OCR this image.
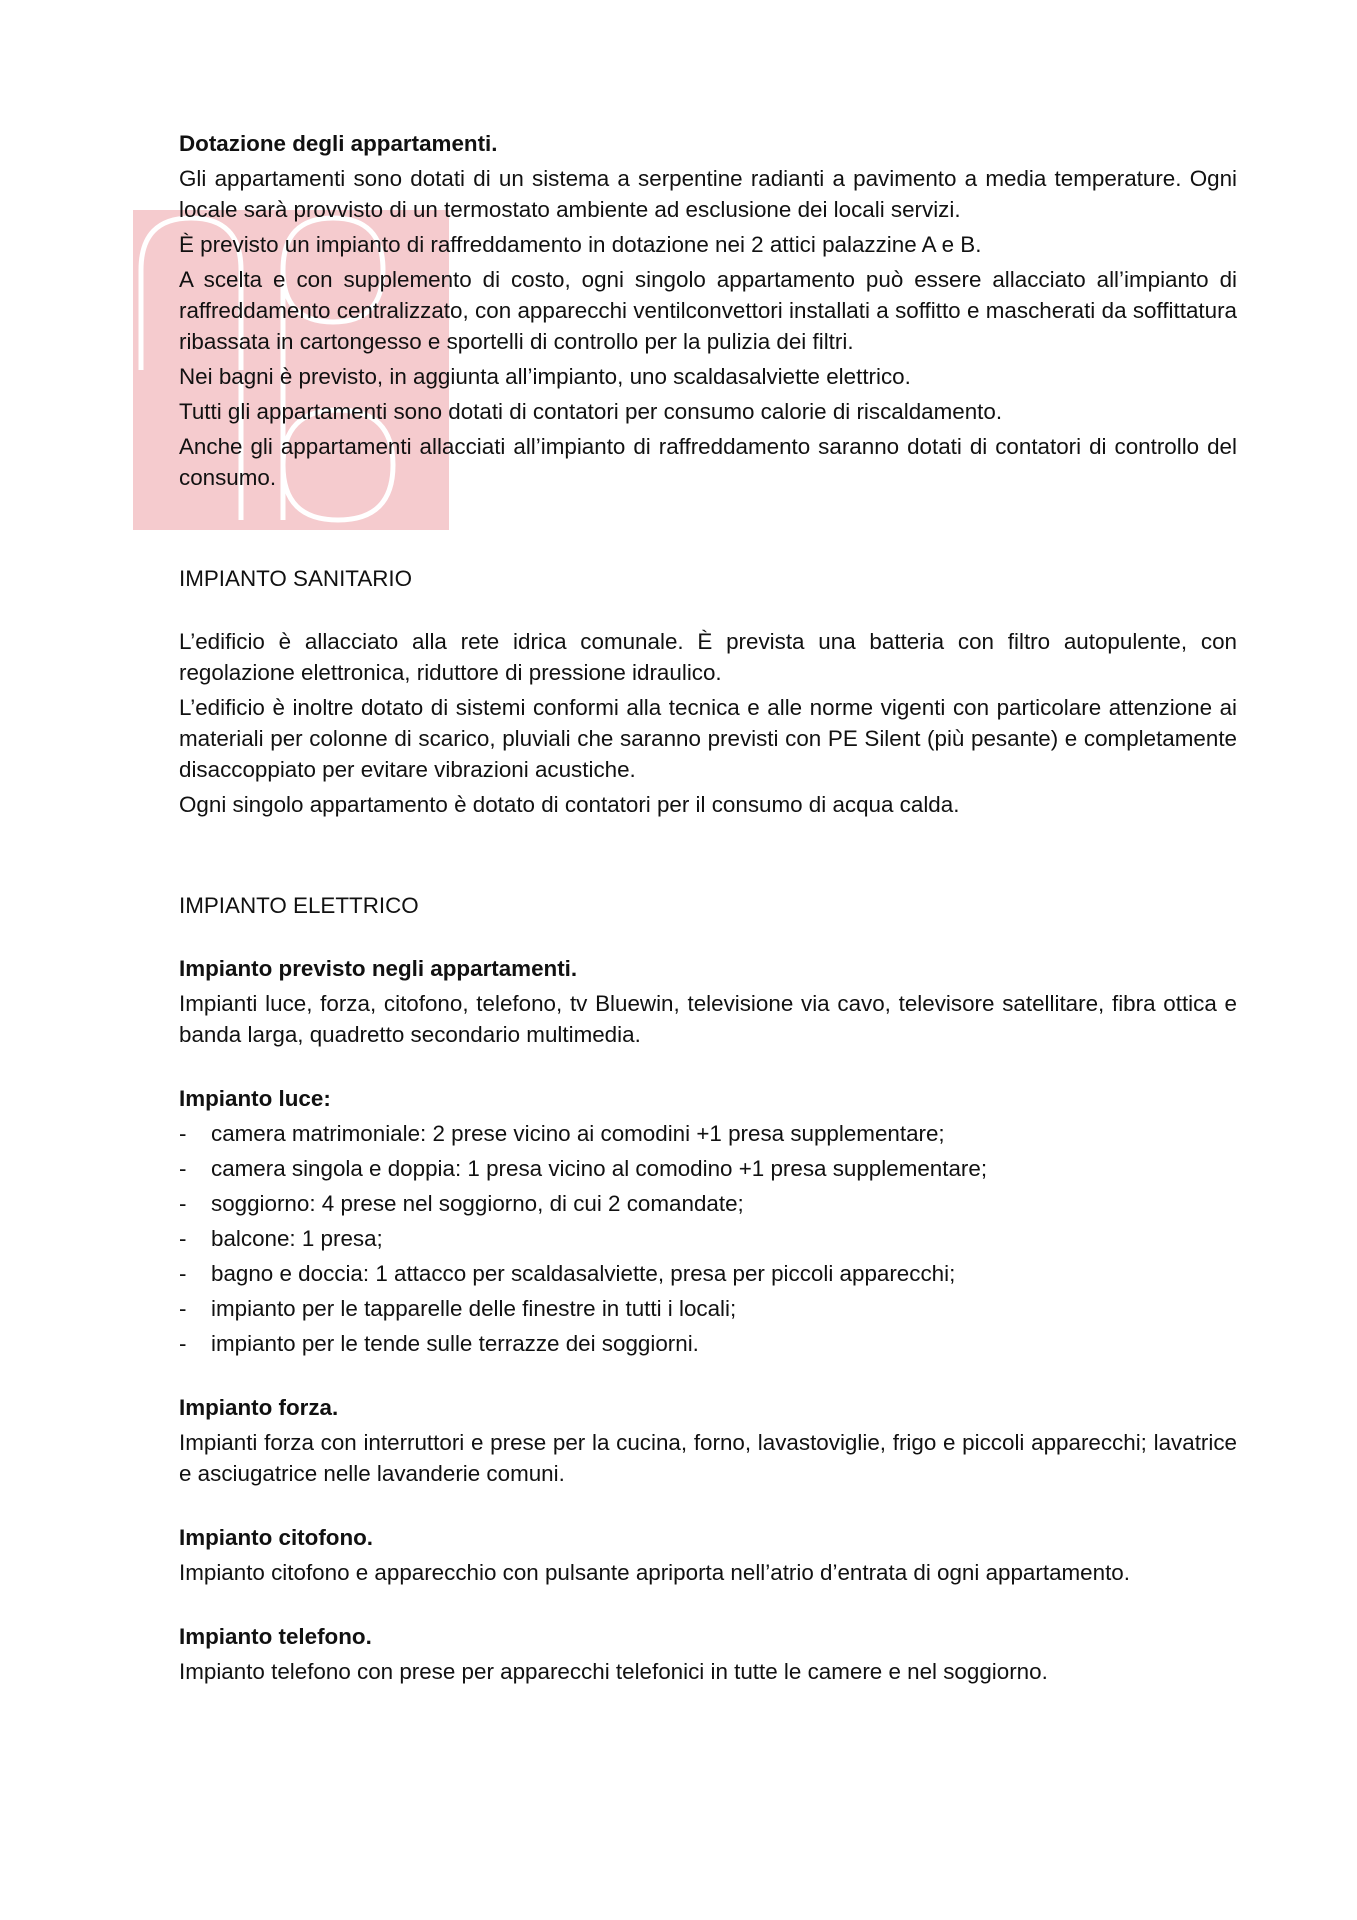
Dotazione degli appartamenti.

Gli appartamenti sono dotati di un sistema a serpentine radianti a pavimento a media temperature. Ogni locale sarà provvisto di un termostato ambiente ad esclusione dei locali servizi.

È previsto un impianto di raffreddamento in dotazione nei 2 attici palazzine A e B.

A scelta e con supplemento di costo, ogni singolo appartamento può essere allacciato all’impianto di raffreddamento centralizzato, con apparecchi ventilconvettori installati a soffitto e mascherati da soffittatura ribassata in cartongesso e sportelli di controllo per la pulizia dei filtri.

Nei bagni è previsto, in aggiunta all’impianto, uno scaldasalviette elettrico.

Tutti gli appartamenti sono dotati di contatori per consumo calorie di riscaldamento.

Anche gli appartamenti allacciati all’impianto di raffreddamento saranno dotati di contatori di controllo del consumo.

IMPIANTO SANITARIO

L’edificio è allacciato alla rete idrica comunale. È prevista una batteria con filtro autopulente, con regolazione elettronica, riduttore di pressione idraulico.

L’edificio è inoltre dotato di sistemi conformi alla tecnica e alle norme vigenti con particolare attenzione ai materiali per colonne di scarico, pluviali che saranno previsti con PE Silent (più pesante) e completamente disaccoppiato per evitare vibrazioni acustiche.

Ogni singolo appartamento è dotato di contatori per il consumo di acqua calda.

IMPIANTO ELETTRICO
Impianto previsto negli appartamenti.

Impianti luce, forza, citofono, telefono, tv Bluewin, televisione via cavo, televisore satellitare, fibra ottica e banda larga, quadretto secondario multimedia.

Impianto luce:
- camera matrimoniale: 2 prese vicino ai comodini +1 presa supplementare;
- camera singola e doppia: 1 presa vicino al comodino +1 presa supplementare;
- soggiorno: 4 prese nel soggiorno, di cui 2 comandate;
- balcone: 1 presa;
- bagno e doccia: 1 attacco per scaldasalviette, presa per piccoli apparecchi;
- impianto per le tapparelle delle finestre in tutti i locali;
- impianto per le tende sulle terrazze dei soggiorni.
Impianto forza.

Impianti forza con interruttori e prese per la cucina, forno, lavastoviglie, frigo e piccoli apparecchi; lavatrice e asciugatrice nelle lavanderie comuni.

Impianto citofono.

Impianto citofono e apparecchio con pulsante apriporta nell’atrio d’entrata di ogni appartamento.

Impianto telefono.

Impianto telefono con prese per apparecchi telefonici in tutte le camere e nel soggiorno.
